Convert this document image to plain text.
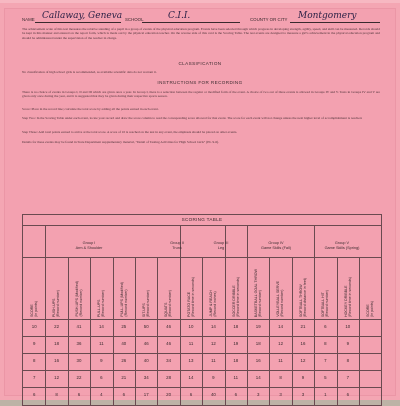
NAME Callaway, Geneva SCHOOL	C.I.I.	COUNTY OR CITY Montgomery
The achievement scale of this test measures the relative standing of a pupil in a group of events of the physical education program. Events have been selected through which progress in developing strength, agility, speed, and skill can be measured. Records should be kept in this manner and entered on the report form, which is made out by the physical education teacher. On the reverse side of this card is the Scoring Table. The test events are designed to measure a girl's achievement in the physical education program and should be administered under the supervision of the teacher in charge.
CLASSIFICATION
No classification of high school girls is recommended, as available scientific data do not warrant it.
INSTRUCTIONS FOR RECORDING
There is no choice of events in Groups I, II and III which are given once a year. In Group I, there is a selection between the regular or modified form of the event. A choice of two out of three events is allowed in Groups IV and V. Tests in Groups IV and V are given only once during the year, and it is suggested that they be given during their respective sports season.
Score: Place in the record line; calculate the total score by adding all the points earned in each event.
Step Two: In the Scoring Table under each event, locate your record and draw the score column to read the corresponding score allowed for that event. The score for each event will not change unless the next higher level of accomplishment is reached.
Step Three: Add total points earned to arrive at the total score. A score of 10 is reached on the test in any event, the emphasis should be placed on other events.
Details for these events may be found in State Department supplementary material, "Detail of Testing Activities for High School Girls" (Pb. 9-6).
SCORING TABLE
Group I
Arm & Shoulder
Group II
Trunk
Group III
Leg
Group IV
Game Skills (Fall)
Group V
Game Skills (Spring)
SCORE (In points)	PUSH-UPS (Record number)	PUSH-UPS (Modified) (Record number)	PULL-UPS (Record number)	PULL-UPS (Modified) (Record number)	SIT-UPS (Record number)	SQUATS (Record number)	POTATO RACE (Record time in seconds)	JUMP & REACH (Record inches)	SOCCER DRIBBLE (Record time in seconds)	BASKETBALL GOAL THROW (Record number)	VOLLEYBALL SERVE (Record number)	SOFTBALL THROW (Record distance in feet)	SOFTBALL HIT (Record number)	HOCKEY DRIBBLE (Record time in seconds)	SCORE (In points)
10	22	41	14	25	50	46	10	14	18	19	14	21	6	10
9	18	36	11	40	46	46	11	12	19	18	12	16	8	9
8	16	30	9	26	40	34	13	11	18	16	11	12	7	8
7	12	22	6	21	34	28	14	9	11	14	8	9	5	7
6	8	6	4	6	17	20	6	40	6	3	3	3	1	6
